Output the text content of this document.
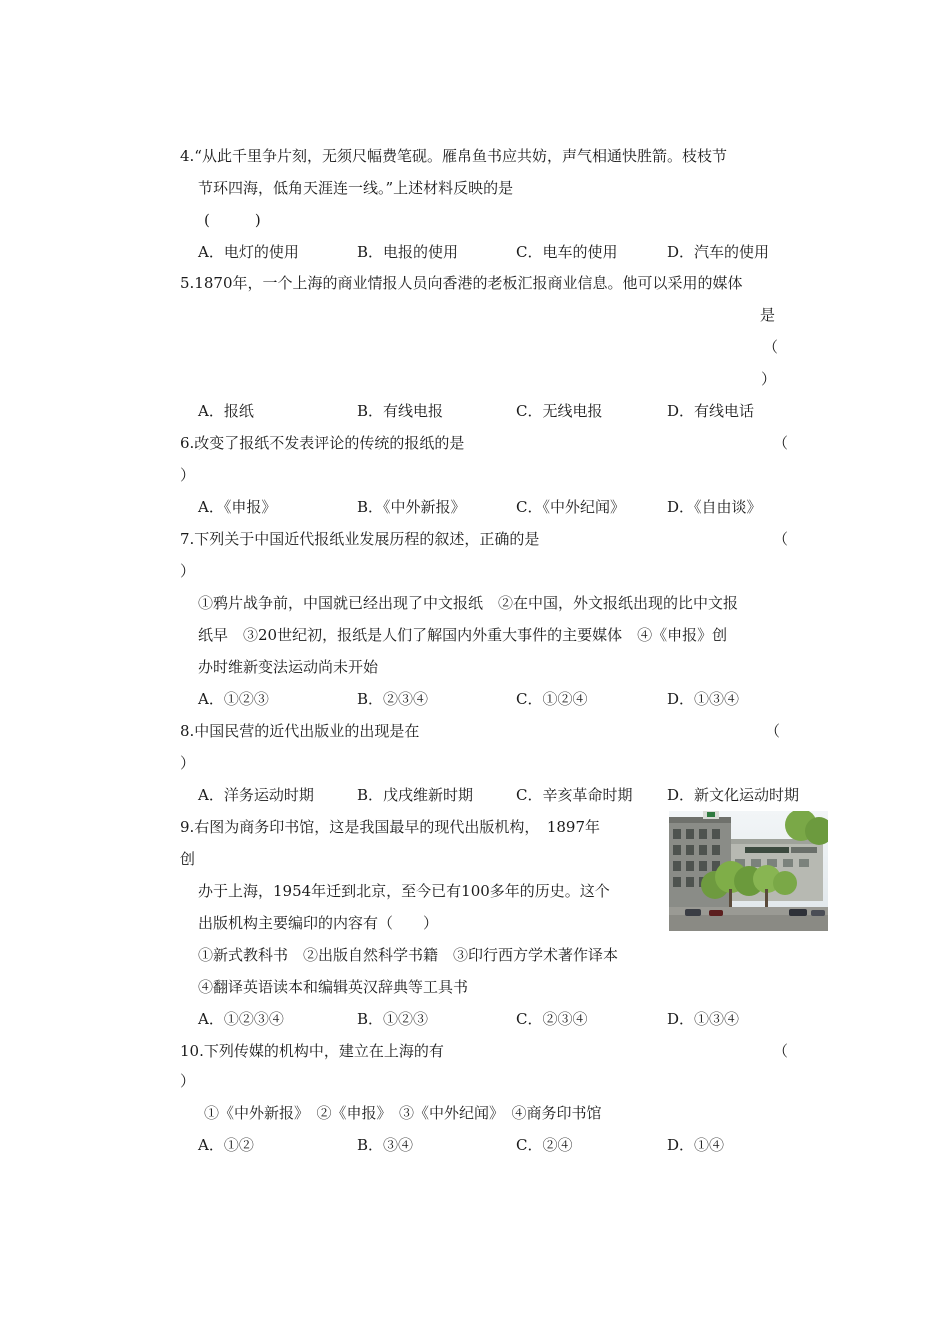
4.“从此千里争片刻，无须尺幅费笔砚。雁帛鱼书应共妨，声气相通快胜箭。枝枝节
节环四海，低角天涯连一线。”上述材料反映的是
(　　　)
A．电灯的使用	B．电报的使用	C．电车的使用	D．汽车的使用
5.1870年，一个上海的商业情报人员向香港的老板汇报商业信息。他可以采用的媒体
是
（
）
A．报纸	B．有线电报	C．无线电报	D．有线电话
6.改变了报纸不发表评论的传统的报纸的是	（
）
A．《申报》	B．《中外新报》	C．《中外纪闻》	D．《自由谈》
7.下列关于中国近代报纸业发展历程的叙述，正确的是	（
）
①鸦片战争前，中国就已经出现了中文报纸　②在中国，外文报纸出现的比中文报
纸早　③20世纪初，报纸是人们了解国内外重大事件的主要媒体　④《申报》创
办时维新变法运动尚未开始
A．①②③	B．②③④	C．①②④	D．①③④
8.中国民营的近代出版业的出现是在	（
）
A．洋务运动时期	B．戊戌维新时期	C．辛亥革命时期 D．新文化运动时期
9.右图为商务印书馆，这是我国最早的现代出版机构，　1897年
创
办于上海，1954年迁到北京，至今已有100多年的历史。这个
出版机构主要编印的内容有（　　）
①新式教科书　②出版自然科学书籍　③印行西方学术著作译本
④翻译英语读本和编辑英汉辞典等工具书
A．①②③④	B．①②③	C．②③④	D．①③④
10.下列传媒的机构中，建立在上海的有	（
）
①《中外新报》　②《申报》　③《中外纪闻》　④商务印书馆
A．①②	B．③④	C．②④	D．①④
